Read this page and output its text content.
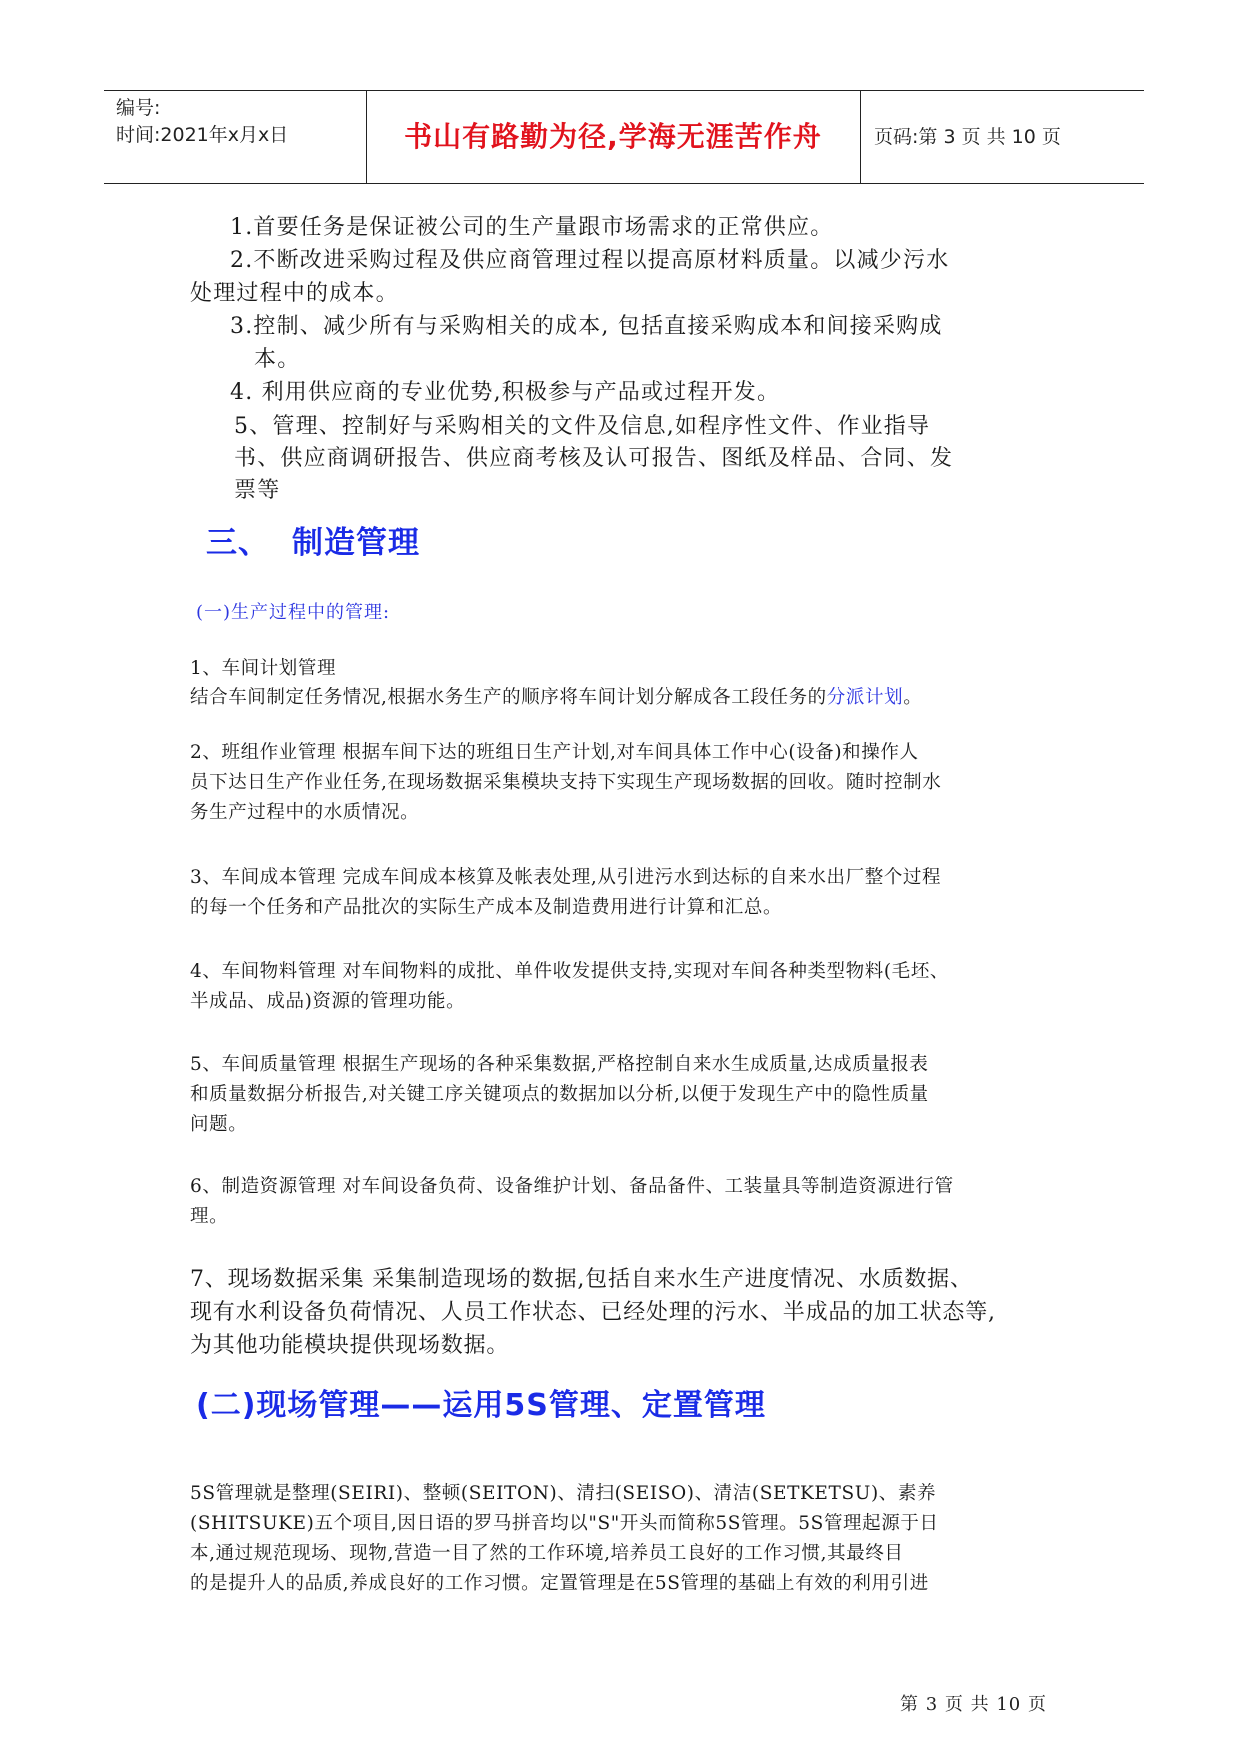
编号:
时间:2021年x月x日	书山有路勤为径,学海无涯苦作舟	页码:第 3 页 共 10 页
1.首要任务是保证被公司的生产量跟市场需求的正常供应。
2.不断改进采购过程及供应商管理过程以提高原材料质量。以减少污水
处理过程中的成本。
3.控制、减少所有与采购相关的成本, 包括直接采购成本和间接采购成
本。
4. 利用供应商的专业优势,积极参与产品或过程开发。
5、管理、控制好与采购相关的文件及信息,如程序性文件、作业指导
书、供应商调研报告、供应商考核及认可报告、图纸及样品、合同、发
票等
三、 制造管理
(一)生产过程中的管理:
1、车间计划管理
结合车间制定任务情况,根据水务生产的顺序将车间计划分解成各工段任务的分派计划。
2、班组作业管理 根据车间下达的班组日生产计划,对车间具体工作中心(设备)和操作人
员下达日生产作业任务,在现场数据采集模块支持下实现生产现场数据的回收。随时控制水
务生产过程中的水质情况。
3、车间成本管理 完成车间成本核算及帐表处理,从引进污水到达标的自来水出厂整个过程
的每一个任务和产品批次的实际生产成本及制造费用进行计算和汇总。
4、车间物料管理 对车间物料的成批、单件收发提供支持,实现对车间各种类型物料(毛坯、
半成品、成品)资源的管理功能。
5、车间质量管理 根据生产现场的各种采集数据,严格控制自来水生成质量,达成质量报表
和质量数据分析报告,对关键工序关键项点的数据加以分析,以便于发现生产中的隐性质量
问题。
6、制造资源管理 对车间设备负荷、设备维护计划、备品备件、工装量具等制造资源进行管
理。
7、现场数据采集 采集制造现场的数据,包括自来水生产进度情况、水质数据、
现有水利设备负荷情况、人员工作状态、已经处理的污水、半成品的加工状态等,
为其他功能模块提供现场数据。
(二)现场管理——运用5S管理、定置管理
5S管理就是整理(SEIRI)、整顿(SEITON)、清扫(SEISO)、清洁(SETKETSU)、素养
(SHITSUKE)五个项目,因日语的罗马拼音均以"S"开头而简称5S管理。5S管理起源于日
本,通过规范现场、现物,营造一目了然的工作环境,培养员工良好的工作习惯,其最终目
的是提升人的品质,养成良好的工作习惯。定置管理是在5S管理的基础上有效的利用引进
第 3 页 共 10 页
